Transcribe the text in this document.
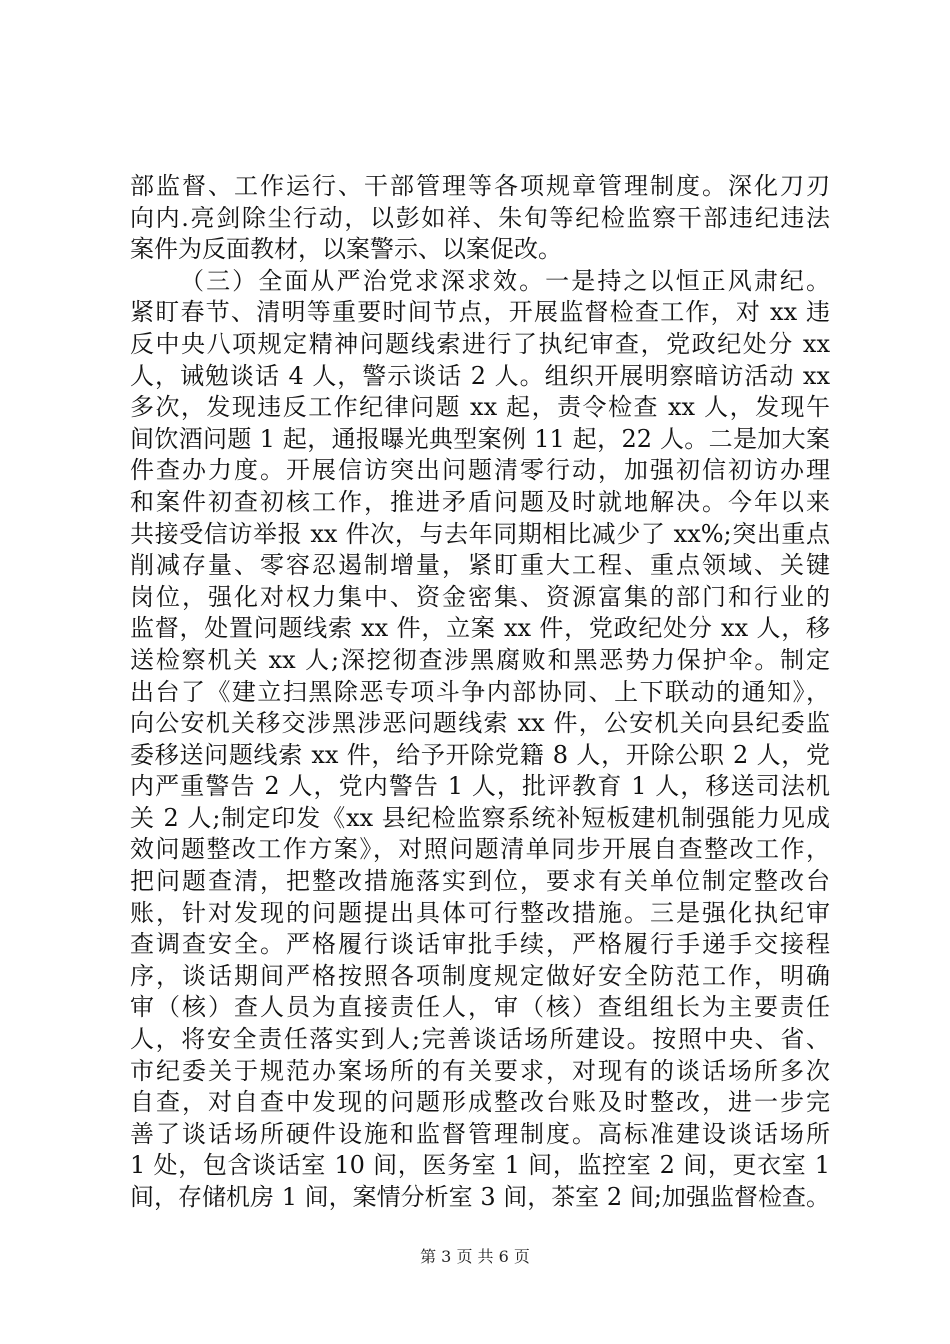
部监督、工作运行、干部管理等各项规章管理制度。深化刀刃
向内.亮剑除尘行动，以彭如祥、朱旬等纪检监察干部违纪违法
案件为反面教材，以案警示、以案促改。
（三）全面从严治党求深求效。一是持之以恒正风肃纪。
紧盯春节、清明等重要时间节点，开展监督检查工作，对 xx 违
反中央八项规定精神问题线索进行了执纪审查，党政纪处分 xx
人，诫勉谈话 4 人，警示谈话 2 人。组织开展明察暗访活动 xx
多次，发现违反工作纪律问题 xx 起，责令检查 xx 人，发现午
间饮酒问题 1 起，通报曝光典型案例 11 起，22 人。二是加大案
件查办力度。开展信访突出问题清零行动，加强初信初访办理
和案件初查初核工作，推进矛盾问题及时就地解决。今年以来
共接受信访举报 xx 件次，与去年同期相比减少了 xx%;突出重点
削减存量、零容忍遏制增量，紧盯重大工程、重点领域、关键
岗位，强化对权力集中、资金密集、资源富集的部门和行业的
监督，处置问题线索 xx 件，立案 xx 件，党政纪处分 xx 人，移
送检察机关 xx 人;深挖彻查涉黑腐败和黑恶势力保护伞。制定
出台了《建立扫黑除恶专项斗争内部协同、上下联动的通知》，
向公安机关移交涉黑涉恶问题线索 xx 件，公安机关向县纪委监
委移送问题线索 xx 件，给予开除党籍 8 人，开除公职 2 人，党
内严重警告 2 人，党内警告 1 人，批评教育 1 人，移送司法机
关 2 人;制定印发《xx 县纪检监察系统补短板建机制强能力见成
效问题整改工作方案》，对照问题清单同步开展自查整改工作，
把问题查清，把整改措施落实到位，要求有关单位制定整改台
账，针对发现的问题提出具体可行整改措施。三是强化执纪审
查调查安全。严格履行谈话审批手续，严格履行手递手交接程
序，谈话期间严格按照各项制度规定做好安全防范工作，明确
审（核）查人员为直接责任人，审（核）查组组长为主要责任
人，将安全责任落实到人;完善谈话场所建设。按照中央、省、
市纪委关于规范办案场所的有关要求，对现有的谈话场所多次
自查，对自查中发现的问题形成整改台账及时整改，进一步完
善了谈话场所硬件设施和监督管理制度。高标准建设谈话场所
1 处，包含谈话室 10 间，医务室 1 间，监控室 2 间，更衣室 1
间，存储机房 1 间，案情分析室 3 间，茶室 2 间;加强监督检查。
第 3 页 共 6 页
